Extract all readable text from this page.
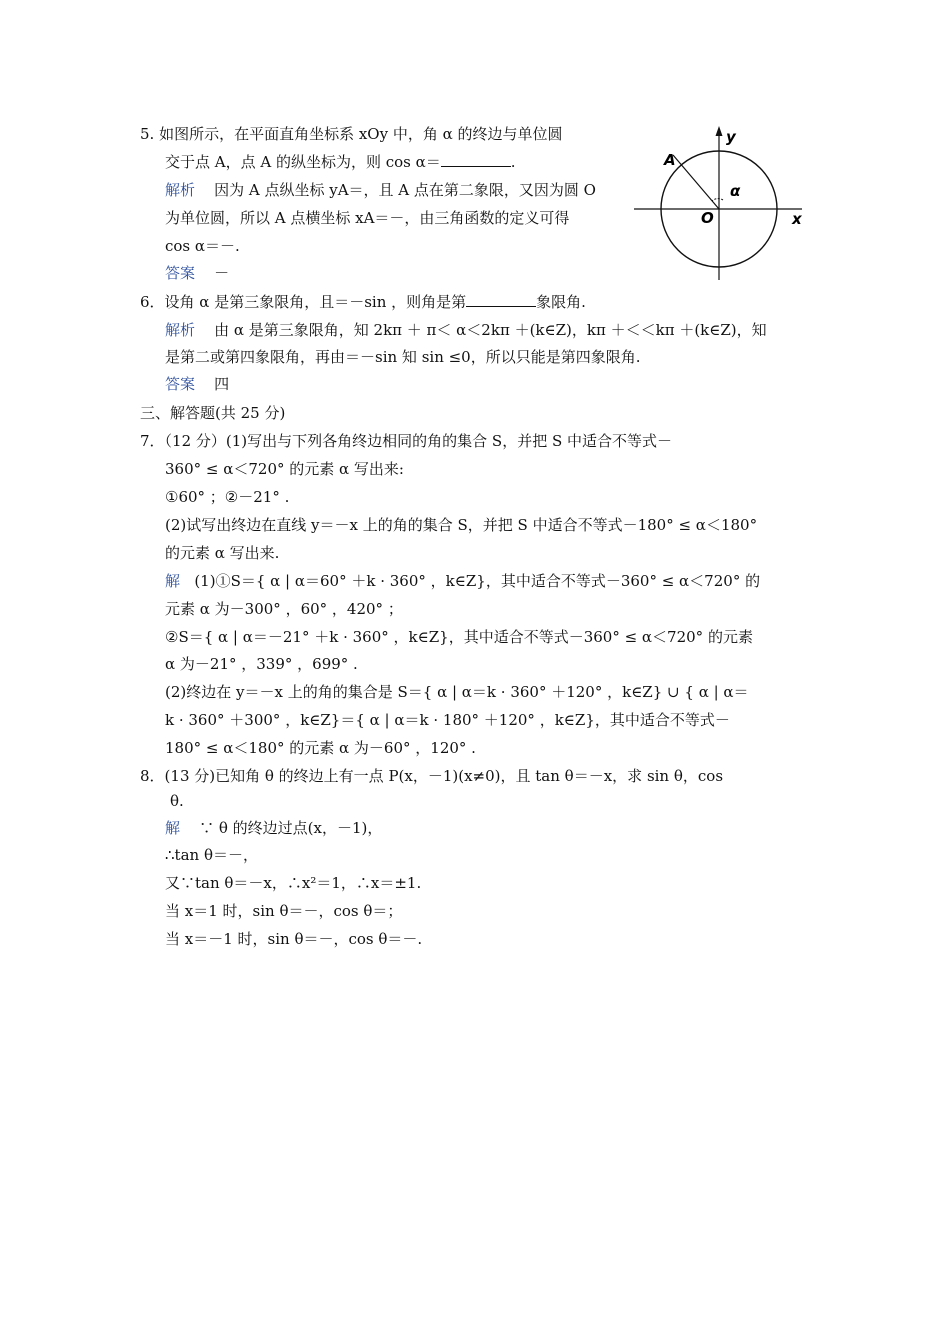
5. 如图所示，在平面直角坐标系 xOy 中，角 α 的终边与单位圆
交于点 A，点 A 的纵坐标为，则 cos α＝	.
解析 因为 A 点纵坐标 yA＝，且 A 点在第二象限，又因为圆 O
为单位圆，所以 A 点横坐标 xA＝－，由三角函数的定义可得
cos α＝－.
答案 －
y
x
O
A
α
6．设角 α 是第三象限角，且＝－sin ，则角是第	象限角.
解析 由 α 是第三象限角，知 2kπ ＋ π＜ α＜2kπ ＋(k∈Z)，kπ ＋＜＜kπ ＋(k∈Z)，知
是第二或第四象限角，再由＝－sin 知 sin ≤0，所以只能是第四象限角.
答案 四
三、解答题(共 25 分)
7．（12 分）(1)写出与下列各角终边相同的角的集合 S，并把 S 中适合不等式－
360° ≤ α＜720° 的元素 α 写出来:
①60° ；②－21° .
(2)试写出终边在直线 y＝－x 上的角的集合 S，并把 S 中适合不等式－180° ≤ α＜180°
的元素 α 写出来.
解 (1)①S＝{ α | α＝60° ＋k · 360° ，k∈Z}，其中适合不等式－360° ≤ α＜720° 的
元素 α 为－300° ，60° ，420° ；
②S＝{ α | α＝－21° ＋k · 360° ，k∈Z}，其中适合不等式－360° ≤ α＜720° 的元素
α 为－21° ，339° ，699° .
(2)终边在 y＝－x 上的角的集合是 S＝{ α | α＝k · 360° ＋120° ，k∈Z} ∪ { α | α＝
k · 360° ＋300° ，k∈Z}＝{ α | α＝k · 180° ＋120° ，k∈Z}，其中适合不等式－
180° ≤ α＜180° 的元素 α 为－60° ，120° .
8．(13 分)已知角 θ 的终边上有一点 P(x，－1)(x≠0)，且 tan θ＝－x，求 sin θ，cos
θ.
解 ∵ θ 的终边过点(x，－1)，
∴tan θ＝－，
又∵tan θ＝－x，∴x²＝1，∴x＝±1.
当 x＝1 时，sin θ＝－，cos θ＝；
当 x＝－1 时，sin θ＝－，cos θ＝－.
